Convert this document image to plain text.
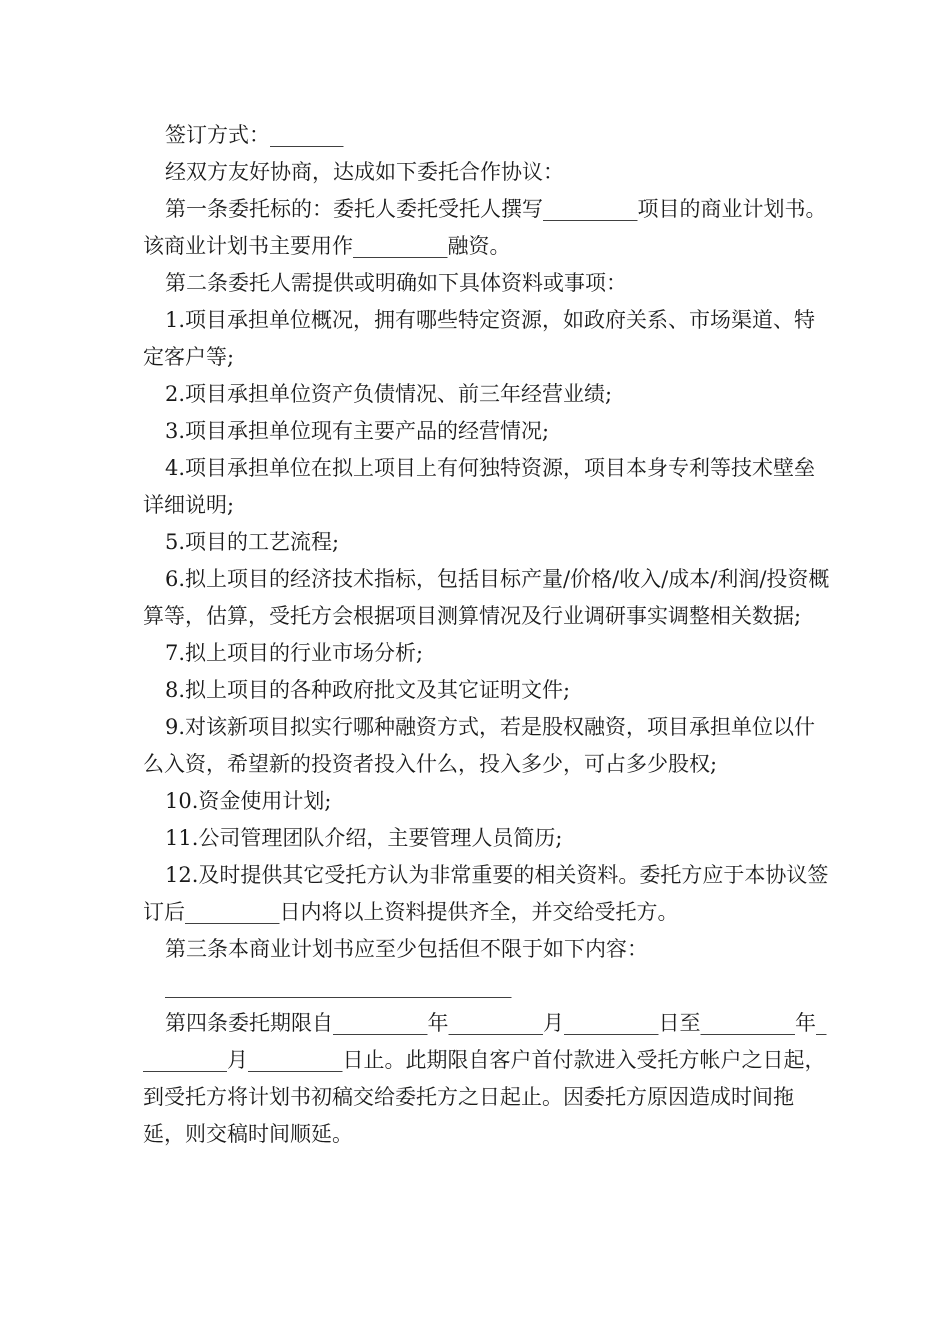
签订方式：_______

经双方友好协商，达成如下委托合作协议：

第一条委托标的：委托人委托受托人撰写_________项目的商业计划书。该商业计划书主要用作_________融资。

第二条委托人需提供或明确如下具体资料或事项：

1.项目承担单位概况，拥有哪些特定资源，如政府关系、市场渠道、特定客户等;

2.项目承担单位资产负债情况、前三年经营业绩;

3.项目承担单位现有主要产品的经营情况;

4.项目承担单位在拟上项目上有何独特资源，项目本身专利等技术壁垒详细说明;

5.项目的工艺流程;

6.拟上项目的经济技术指标，包括目标产量/价格/收入/成本/利润/投资概算等，估算，受托方会根据项目测算情况及行业调研事实调整相关数据;

7.拟上项目的行业市场分析;

8.拟上项目的各种政府批文及其它证明文件;

9.对该新项目拟实行哪种融资方式，若是股权融资，项目承担单位以什么入资，希望新的投资者投入什么，投入多少，可占多少股权;

10.资金使用计划;

11.公司管理团队介绍，主要管理人员简历;

12.及时提供其它受托方认为非常重要的相关资料。委托方应于本协议签订后_________日内将以上资料提供齐全，并交给受托方。

第三条本商业计划书应至少包括但不限于如下内容：

_________________________________

第四条委托期限自_________年_________月_________日至_________年_________月_________日止。此期限自客户首付款进入受托方帐户之日起，到受托方将计划书初稿交给委托方之日起止。因委托方原因造成时间拖延，则交稿时间顺延。
